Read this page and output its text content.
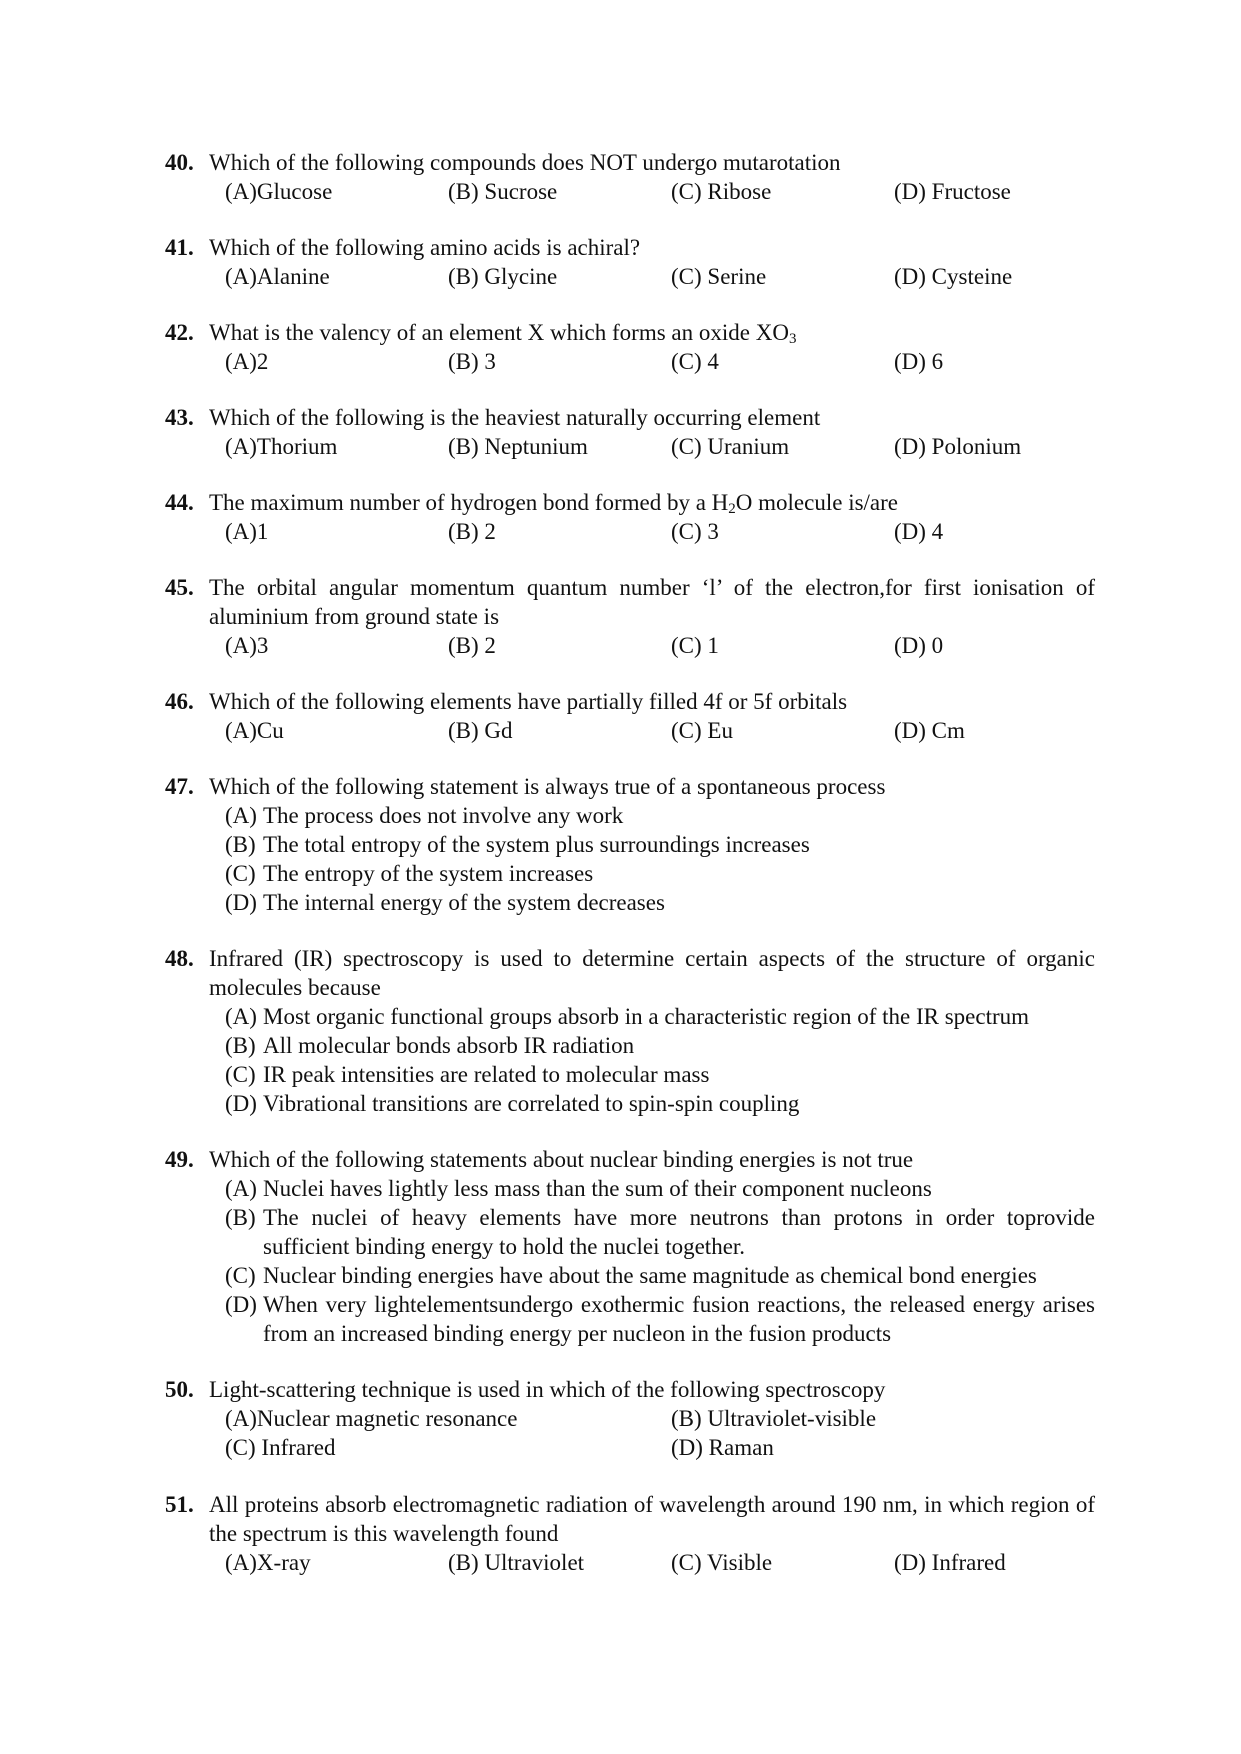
40. Which of the following compounds does NOT undergo mutarotation
(A)Glucose	(B) Sucrose	(C) Ribose	(D) Fructose
41. Which of the following amino acids is achiral?
(A)Alanine	(B) Glycine	(C) Serine	(D) Cysteine
42. What is the valency of an element X which forms an oxide $XO_3$
(A)2	(B) 3	(C) 4	(D) 6
43. Which of the following is the heaviest naturally occurring element
(A)Thorium	(B) Neptunium	(C) Uranium	(D) Polonium
44. The maximum number of hydrogen bond formed by a $H_2O$ molecule is/are
(A)1	(B) 2	(C) 3	(D) 4
45. The orbital angular momentum quantum number ‘l’ of the electron,for first ionisation of aluminium from ground state is
(A)3	(B) 2	(C) 1	(D) 0
46. Which of the following elements have partially filled 4f or 5f orbitals
(A)Cu	(B) Gd	(C) Eu	(D) Cm
47. Which of the following statement is always true of a spontaneous process
(A) The process does not involve any work
(B) The total entropy of the system plus surroundings increases
(C) The entropy of the system increases
(D) The internal energy of the system decreases
48. Infrared (IR) spectroscopy is used to determine certain aspects of the structure of organic molecules because
(A) Most organic functional groups absorb in a characteristic region of the IR spectrum
(B) All molecular bonds absorb IR radiation
(C) IR peak intensities are related to molecular mass
(D) Vibrational transitions are correlated to spin-spin coupling
49. Which of the following statements about nuclear binding energies is not true
(A) Nuclei haves lightly less mass than the sum of their component nucleons
(B) The nuclei of heavy elements have more neutrons than protons in order toprovide sufficient binding energy to hold the nuclei together.
(C) Nuclear binding energies have about the same magnitude as chemical bond energies
(D) When very lightelementsundergo exothermic fusion reactions, the released energy arises from an increased binding energy per nucleon in the fusion products
50. Light-scattering technique is used in which of the following spectroscopy
(A)Nuclear magnetic resonance	(B) Ultraviolet-visible
(C) Infrared	(D) Raman
51. All proteins absorb electromagnetic radiation of wavelength around 190 nm, in which region of the spectrum is this wavelength found
(A)X-ray	(B) Ultraviolet	(C) Visible	(D) Infrared
